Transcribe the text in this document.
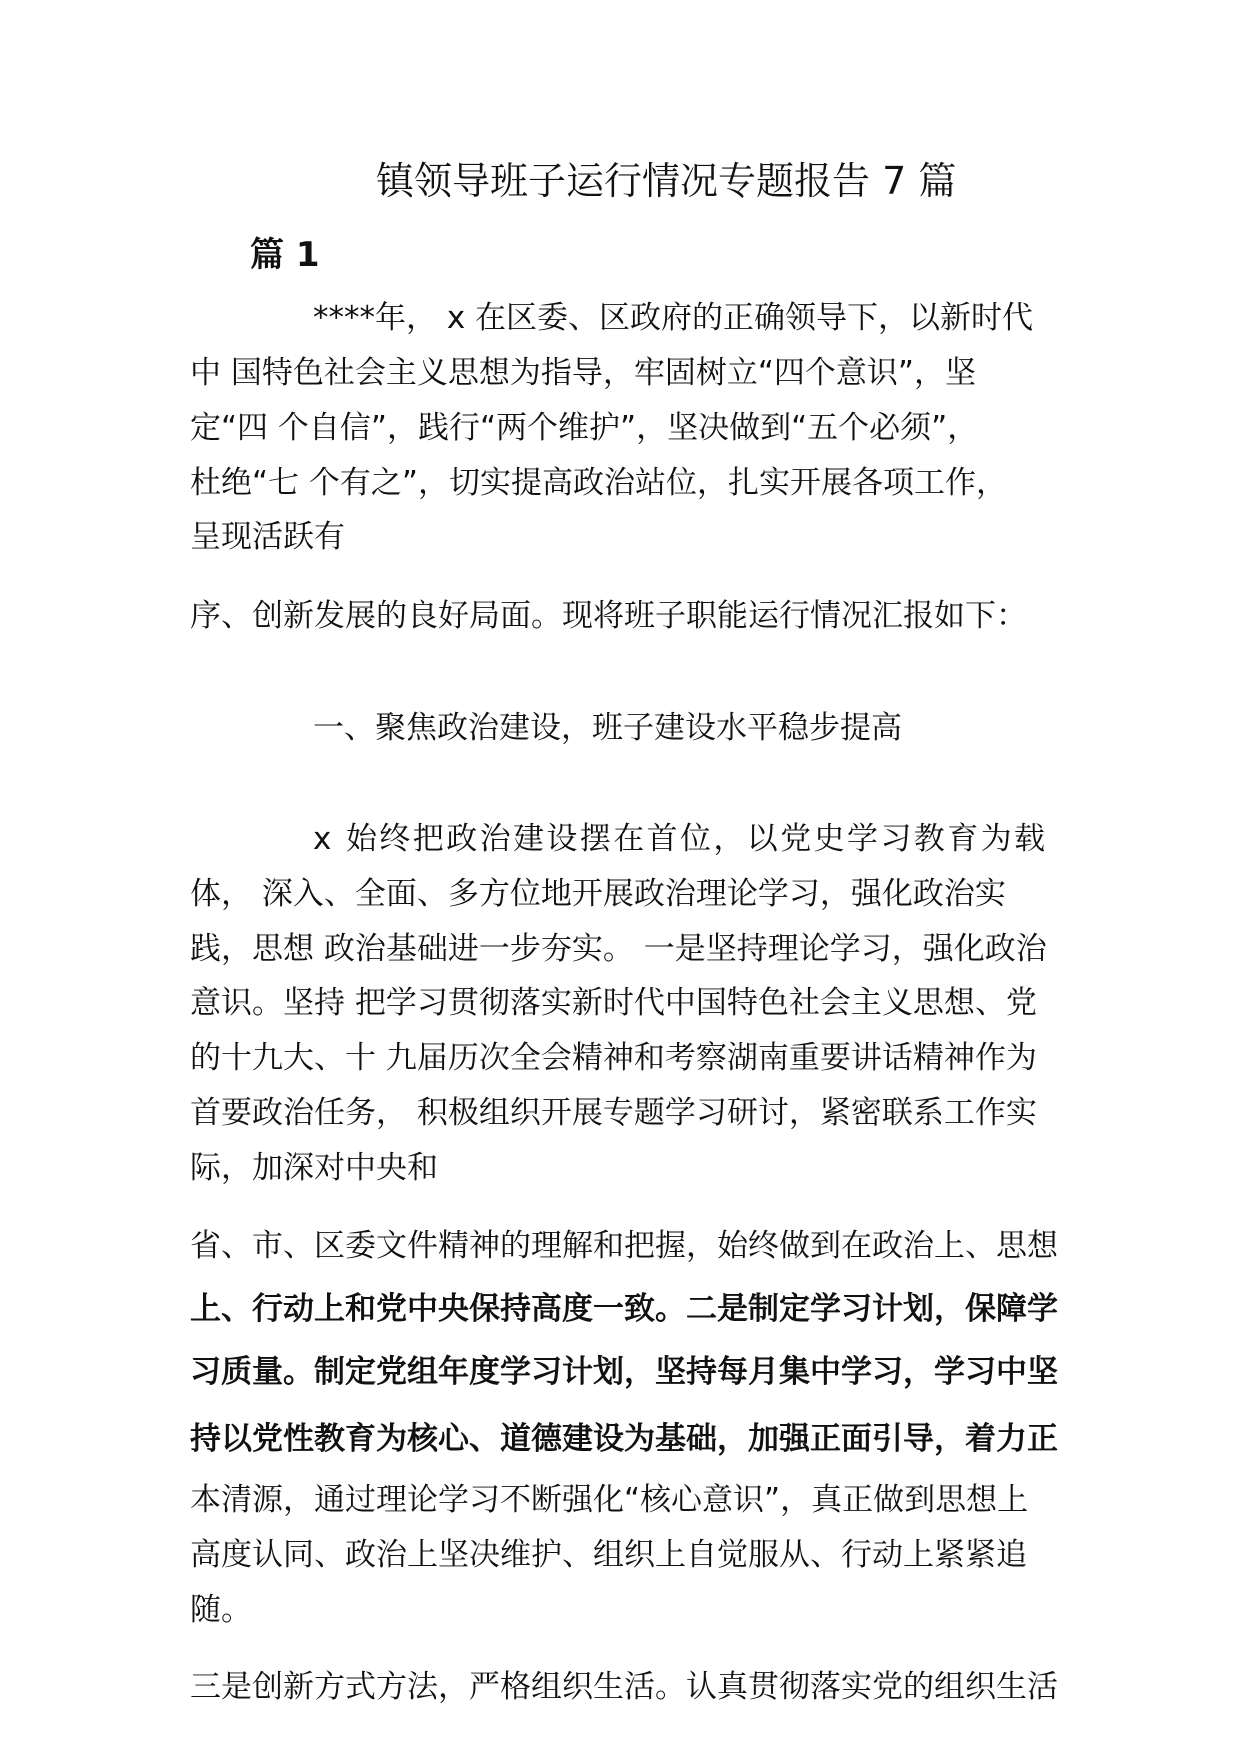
镇领导班子运行情况专题报告 7 篇
篇 1

****年， x 在区委、区政府的正确领导下，以新时代

中 国特色社会主义思想为指导，牢固树立“四个意识”，坚

定“四 个自信”，践行“两个维护”，坚决做到“五个必须”，

杜绝“七 个有之”，切实提高政治站位，扎实开展各项工作，

呈现活跃有

序、创新发展的良好局面。现将班子职能运行情况汇报如下：

一、聚焦政治建设，班子建设水平稳步提高

x 始终把政治建设摆在首位，以党史学习教育为载

体， 深入、全面、多方位地开展政治理论学习，强化政治实

践，思想 政治基础进一步夯实。 一是坚持理论学习，强化政治

意识。坚持 把学习贯彻落实新时代中国特色社会主义思想、党

的十九大、十 九届历次全会精神和考察湖南重要讲话精神作为

首要政治任务， 积极组织开展专题学习研讨，紧密联系工作实

际，加深对中央和

省、市、区委文件精神的理解和把握，始终做到在政治上、思想

上、行动上和党中央保持高度一致。二是制定学习计划，保障学

习质量。制定党组年度学习计划，坚持每月集中学习，学习中坚

持以党性教育为核心、道德建设为基础，加强正面引导，着力正

本清源，通过理论学习不断强化“核心意识”，真正做到思想上

高度认同、政治上坚决维护、组织上自觉服从、行动上紧紧追

随。

三是创新方式方法，严格组织生活。认真贯彻落实党的组织生活
